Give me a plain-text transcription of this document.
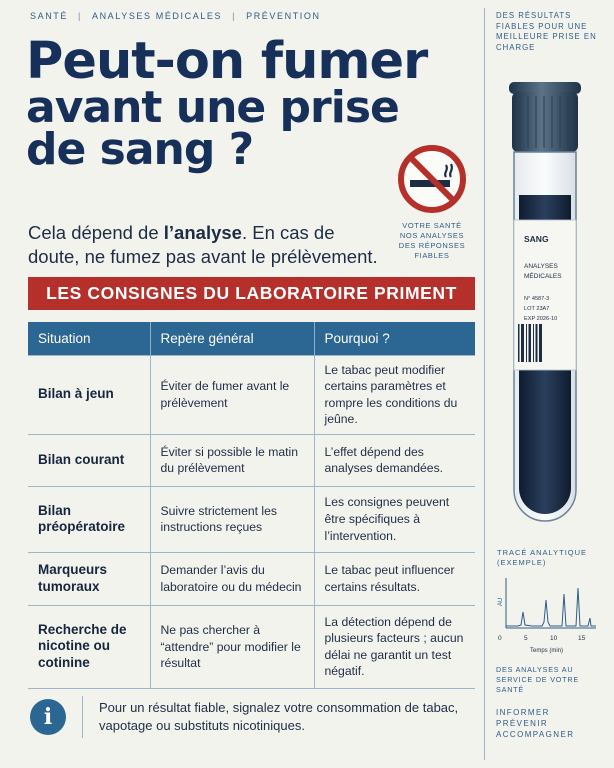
SANTÉ | ANALYSES MÉDICALES | PRÉVENTION
Peut-on fumer
avant une prise
de sang ?
VOTRE SANTÉ
NOS ANALYSES
DES RÉPONSES FIABLES

Cela dépend de l’analyse. En cas de doute, ne fumez pas avant le prélèvement.

LES CONSIGNES DU LABORATOIRE PRIMENT
Situation	Repère général	Pourquoi ?
Bilan à jeun	Éviter de fumer avant le prélèvement	Le tabac peut modifier certains paramètres et rompre les conditions du jeûne.
Bilan courant	Éviter si possible le matin du prélèvement	L’effet dépend des analyses demandées.
Bilan préopératoire	Suivre strictement les instructions reçues	Les consignes peuvent être spécifiques à l’intervention.
Marqueurs tumoraux	Demander l’avis du laboratoire ou du médecin	Le tabac peut influencer certains résultats.
Recherche de nicotine ou cotinine	Ne pas chercher à “attendre” pour modifier le résultat	La détection dépend de plusieurs facteurs ; aucun délai ne garantit un test négatif.
i	Pour un résultat fiable, signalez votre consommation de tabac, vapotage ou substituts nicotiniques.

DES RÉSULTATS FIABLES POUR UNE MEILLEURE PRISE EN CHARGE
SANG
ANALYSES
MÉDICALES
N° 4587-3
LOT 23A7
EXP 2026-10
TRACÉ ANALYTIQUE (EXEMPLE)
AU
0	5	10	15
Temps (min)
DES ANALYSES AU SERVICE DE VOTRE SANTÉ
INFORMER
PRÉVENIR
ACCOMPAGNER
